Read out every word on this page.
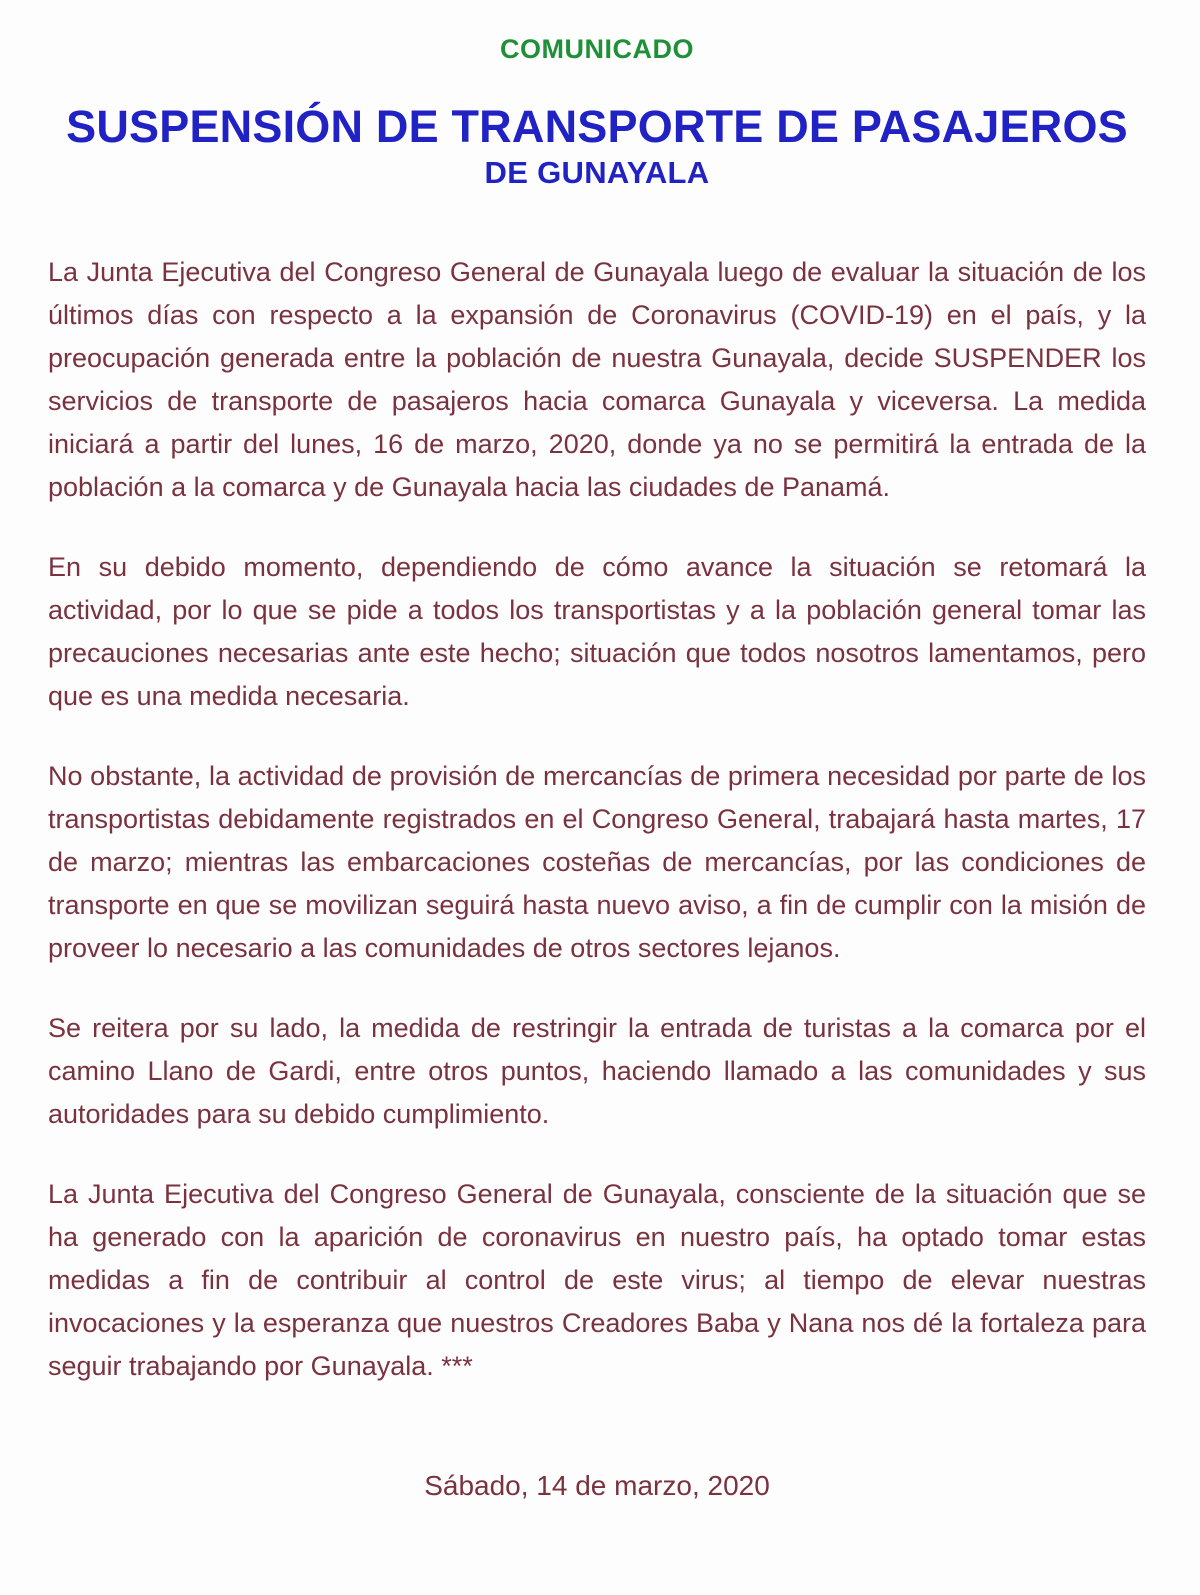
COMUNICADO
SUSPENSIÓN DE TRANSPORTE DE PASAJEROS
DE GUNAYALA

La Junta Ejecutiva del Congreso General de Gunayala luego de evaluar la situación de los últimos días con respecto a la expansión de Coronavirus (COVID-19) en el país, y la preocupación generada entre la población de nuestra Gunayala, decide SUSPENDER los servicios de transporte de pasajeros hacia comarca Gunayala y viceversa. La medida iniciará a partir del lunes, 16 de marzo, 2020, donde ya no se permitirá la entrada de la población a la comarca y de Gunayala hacia las ciudades de Panamá.

En su debido momento, dependiendo de cómo avance la situación se retomará la actividad, por lo que se pide a todos los transportistas y a la población general tomar las precauciones necesarias ante este hecho; situación que todos nosotros lamentamos, pero que es una medida necesaria.

No obstante, la actividad de provisión de mercancías de primera necesidad por parte de los transportistas debidamente registrados en el Congreso General, trabajará hasta martes, 17 de marzo; mientras las embarcaciones costeñas de mercancías, por las condiciones de transporte en que se movilizan seguirá hasta nuevo aviso, a fin de cumplir con la misión de proveer lo necesario a las comunidades de otros sectores lejanos.

Se reitera por su lado, la medida de restringir la entrada de turistas a la comarca por el camino Llano de Gardi, entre otros puntos, haciendo llamado a las comunidades y sus autoridades para su debido cumplimiento.

La Junta Ejecutiva del Congreso General de Gunayala, consciente de la situación que se ha generado con la aparición de coronavirus en nuestro país, ha optado tomar estas medidas a fin de contribuir al control de este virus; al tiempo de elevar nuestras invocaciones y la esperanza que nuestros Creadores Baba y Nana nos dé la fortaleza para seguir trabajando por Gunayala. ***

Sábado, 14 de marzo, 2020
